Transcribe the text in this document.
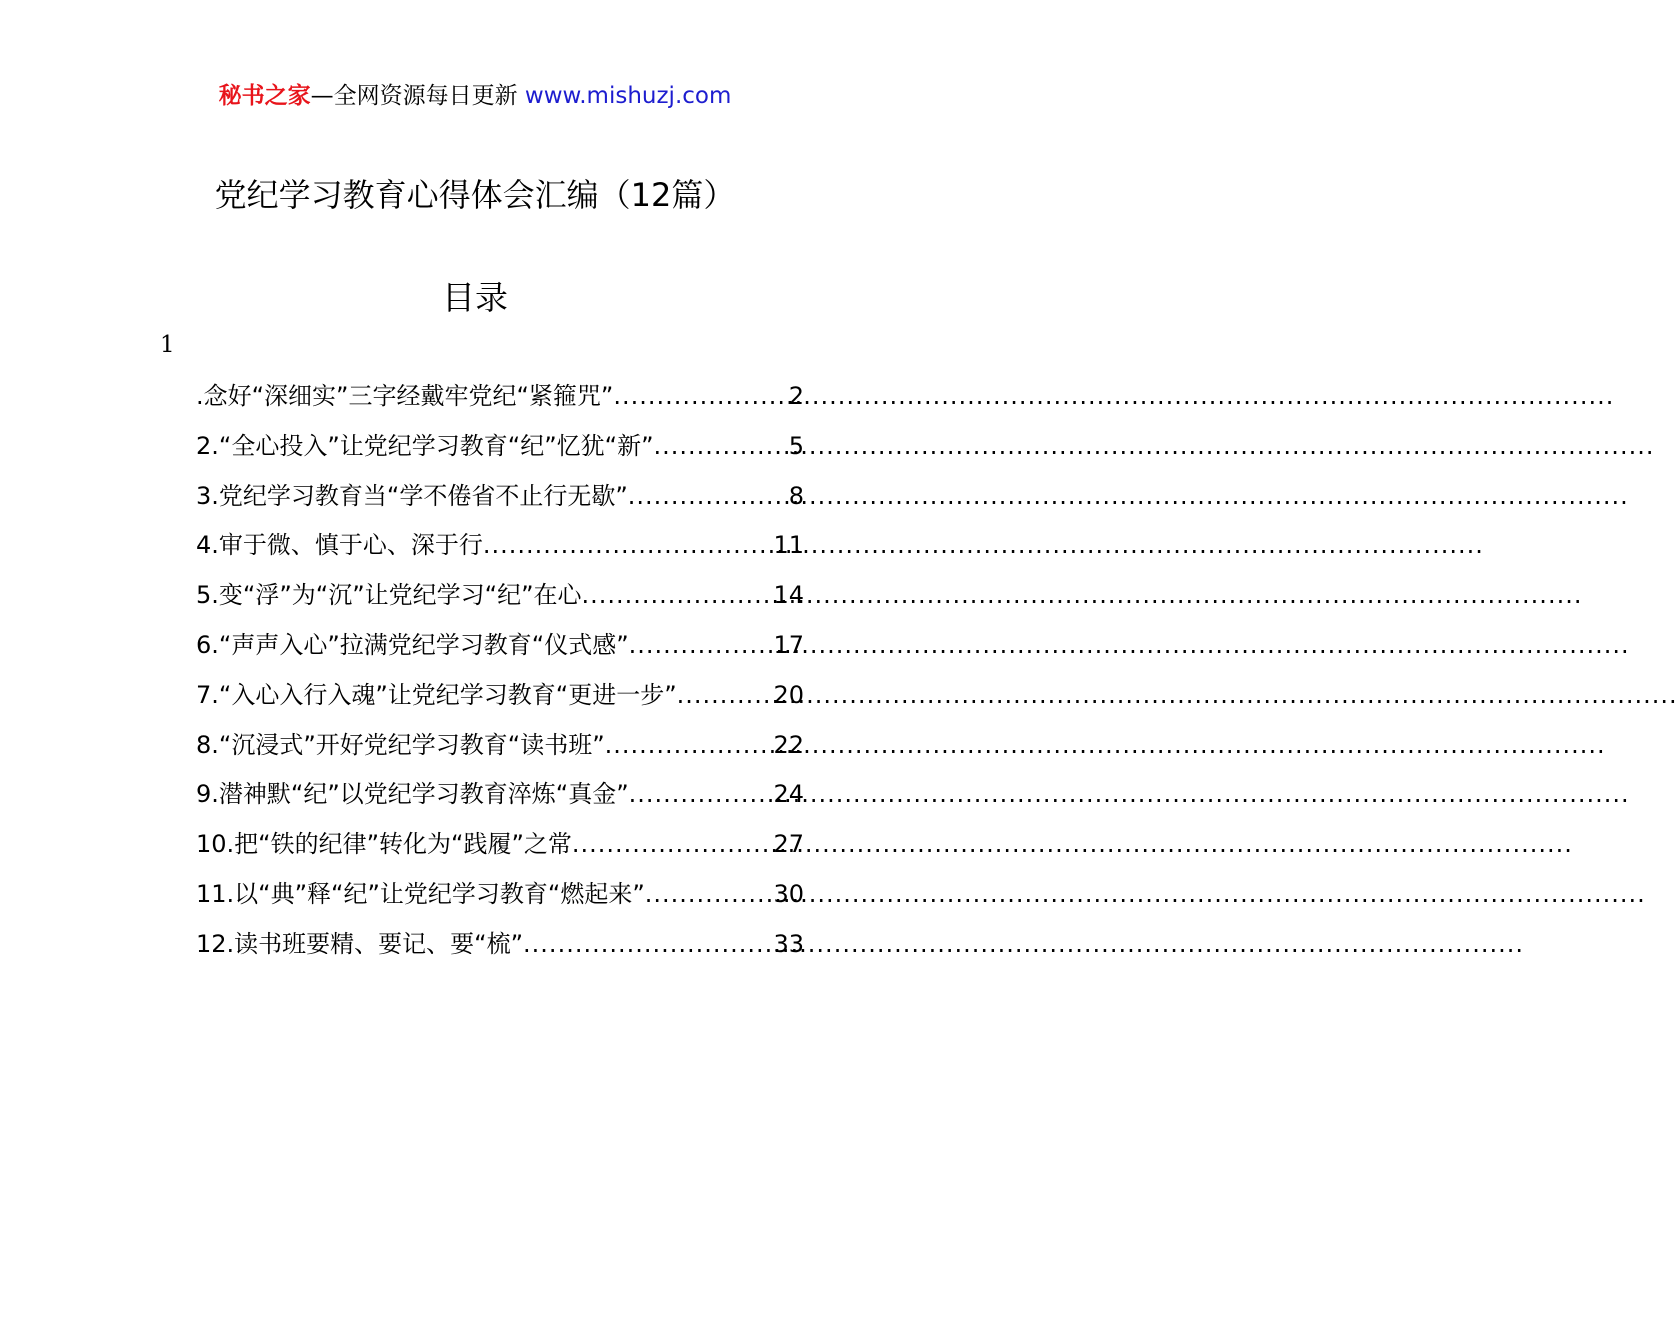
秘书之家—全网资源每日更新 www.mishuzj.com
党纪学习教育心得体会汇编（12篇）
目录
1
.念好“深细实”三字经戴牢党纪“紧箍咒” .....	2
2.“全心投入”让党纪学习教育“纪”忆犹“新” .....	5
3.党纪学习教育当“学不倦省不止行无歇” .....	8
4.审于微、慎于心、深于行 .....	11
5.变“浮”为“沉”让党纪学习“纪”在心 .....	14
6.“声声入心”拉满党纪学习教育“仪式感” .....	17
7.“入心入行入魂”让党纪学习教育“更进一步” .....	20
8.“沉浸式”开好党纪学习教育“读书班” .....	22
9.潜神默“纪”以党纪学习教育淬炼“真金” .....	24
10.把“铁的纪律”转化为“践履”之常 .....	27
11.以“典”释“纪”让党纪学习教育“燃起来” .....	30
12.读书班要精、要记、要“梳” .....	33
